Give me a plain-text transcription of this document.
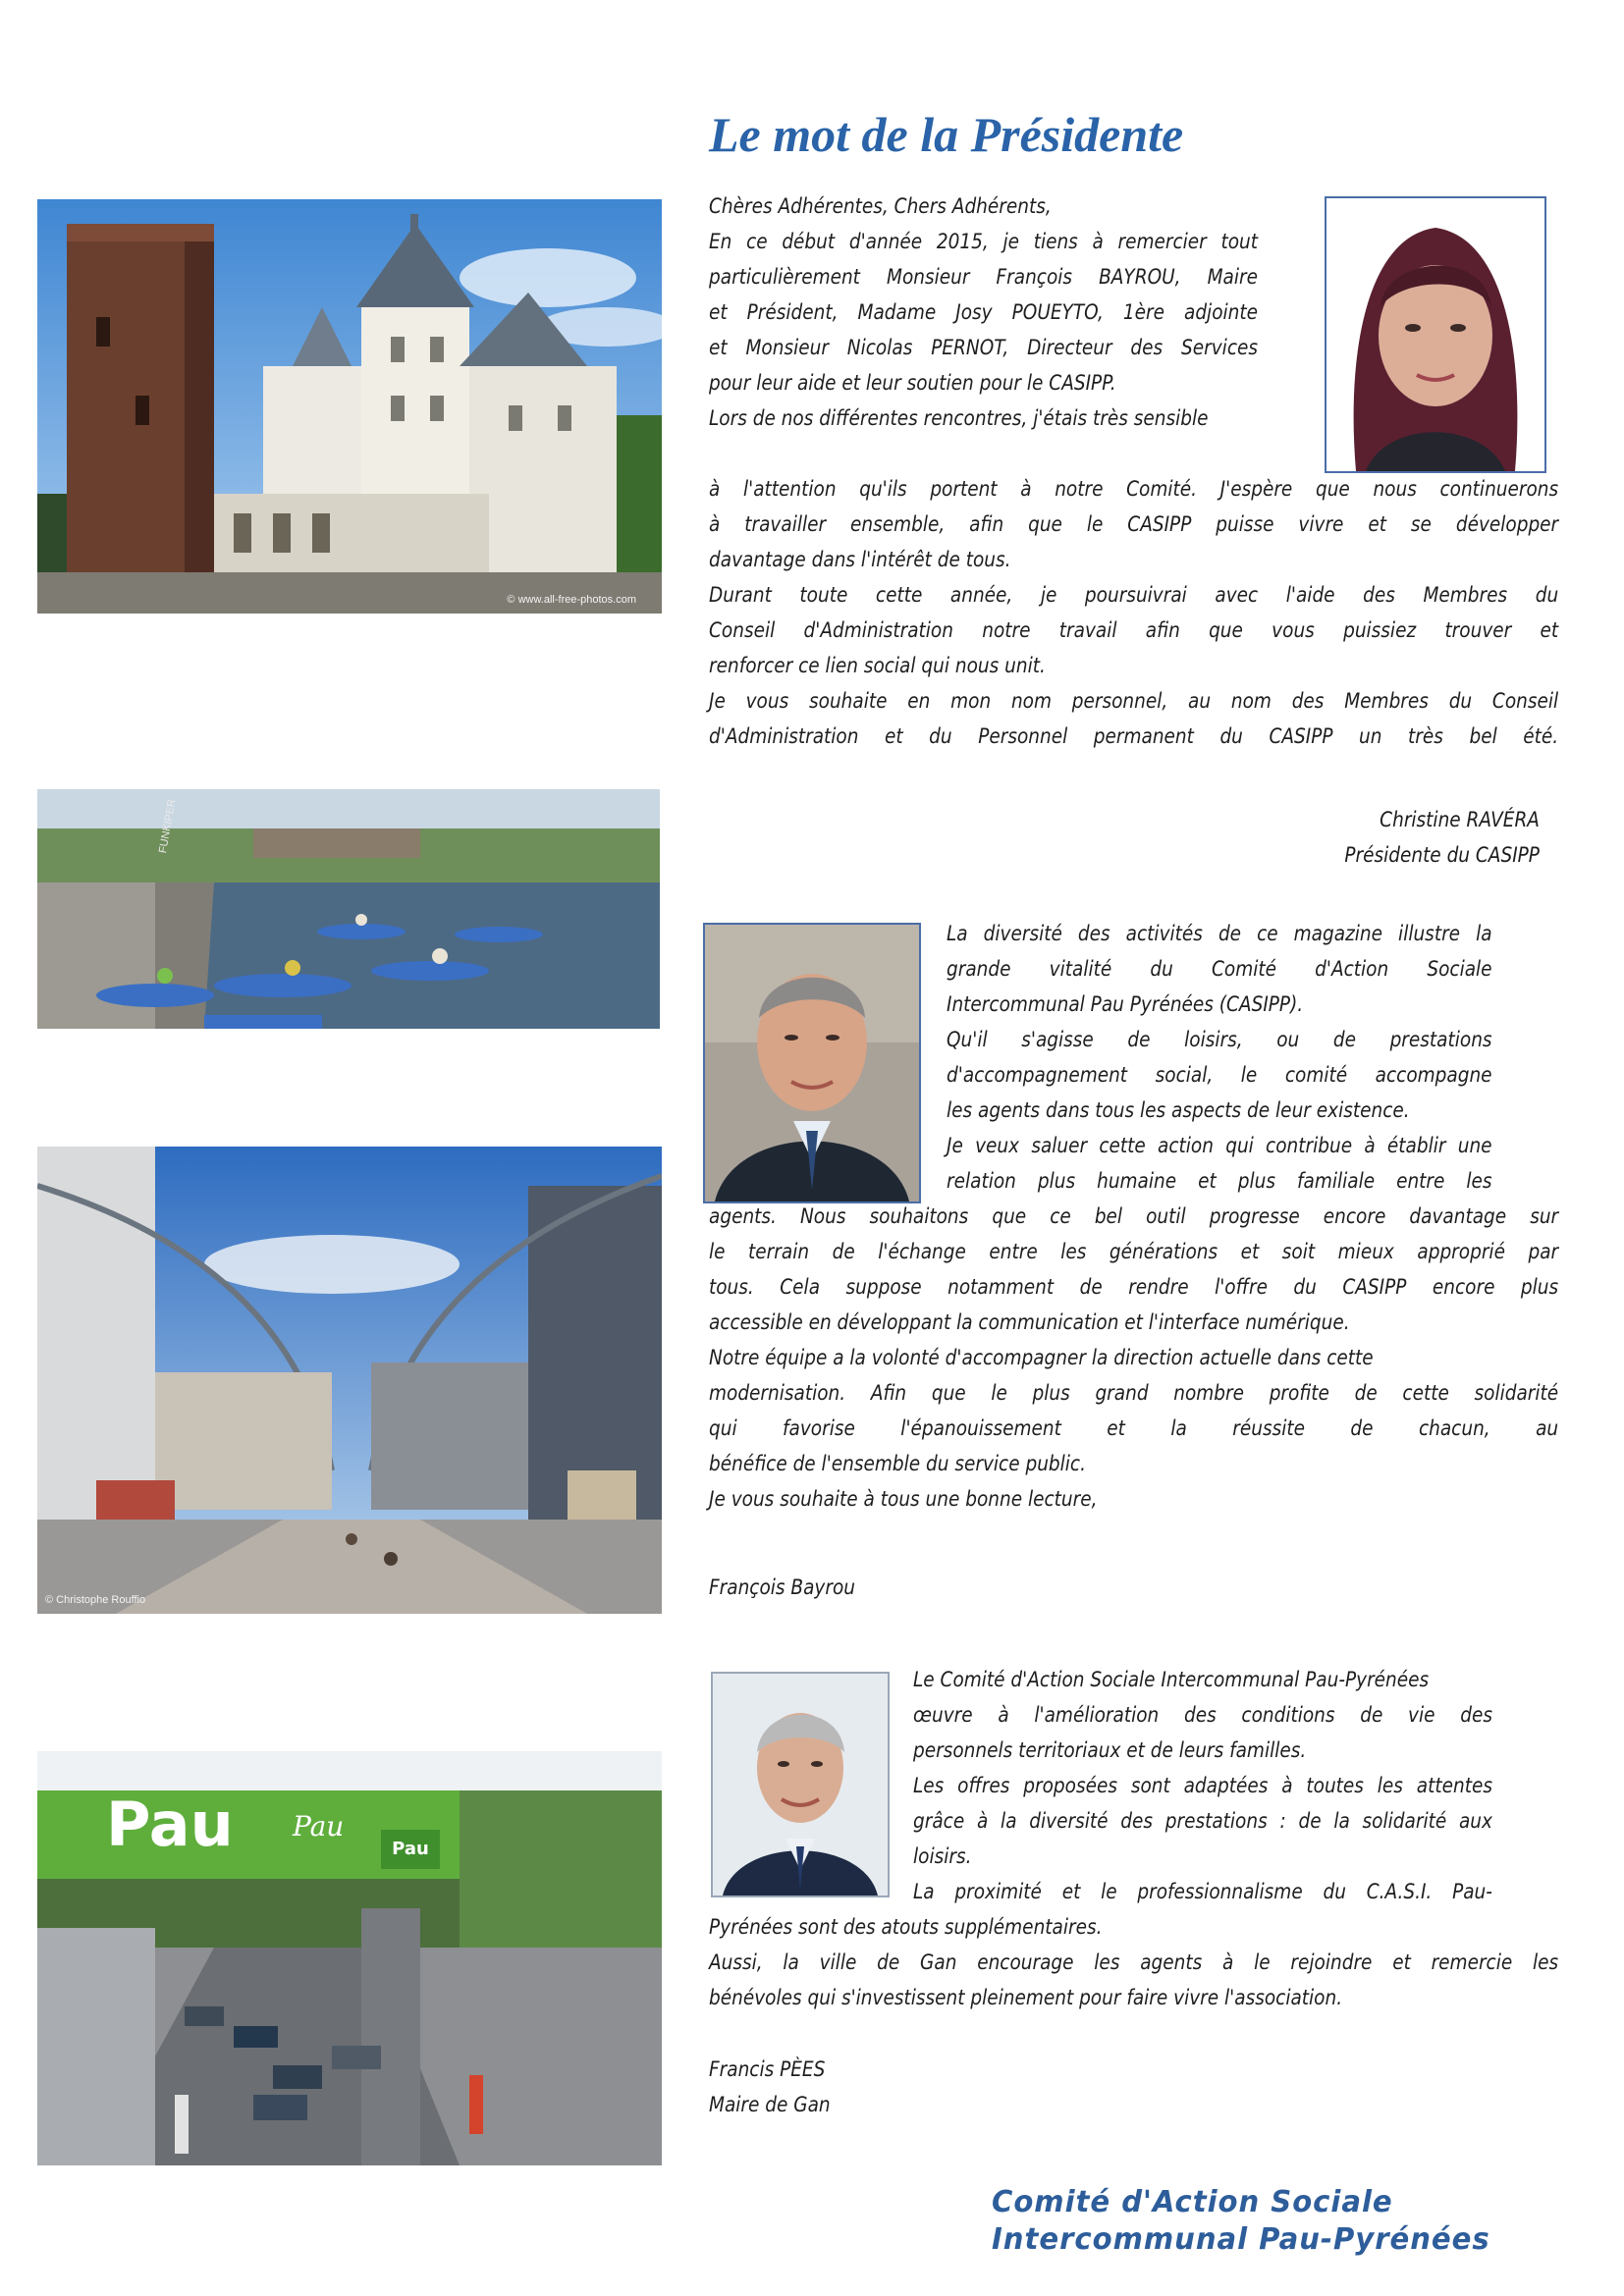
Le mot de la Présidente
© www.all-free-photos.com
FUNKIPER
© Christophe Rouffio
Pau Pau
Pau
Chères Adhérentes, Chers Adhérents,
En ce début d'année 2015, je tiens à remercier tout
particulièrement Monsieur François BAYROU, Maire
et Président, Madame Josy POUEYTO, 1ère adjointe
et Monsieur Nicolas PERNOT, Directeur des Services
pour leur aide et leur soutien pour le CASIPP.
Lors de nos différentes rencontres, j'étais très sensible
à l'attention qu'ils portent à notre Comité. J'espère que nous continuerons
à travailler ensemble, afin que le CASIPP puisse vivre et se développer
davantage dans l'intérêt de tous.
Durant toute cette année, je poursuivrai avec l'aide des Membres du
Conseil d'Administration notre travail afin que vous puissiez trouver et
renforcer ce lien social qui nous unit.
Je vous souhaite en mon nom personnel, au nom des Membres du Conseil
d'Administration et du Personnel permanent du CASIPP un très bel été.
Christine RAVÉRA
Présidente du CASIPP
La diversité des activités de ce magazine illustre la
grande vitalité du Comité d'Action Sociale
Intercommunal Pau Pyrénées (CASIPP).
Qu'il s'agisse de loisirs, ou de prestations
d'accompagnement social, le comité accompagne
les agents dans tous les aspects de leur existence.
Je veux saluer cette action qui contribue à établir une
relation plus humaine et plus familiale entre les
agents. Nous souhaitons que ce bel outil progresse encore davantage sur
le terrain de l'échange entre les générations et soit mieux approprié par
tous. Cela suppose notamment de rendre l'offre du CASIPP encore plus
accessible en développant la communication et l'interface numérique.
Notre équipe a la volonté d'accompagner la direction actuelle dans cette
modernisation. Afin que le plus grand nombre profite de cette solidarité
qui favorise l'épanouissement et la réussite de chacun, au
bénéfice de l'ensemble du service public.
Je vous souhaite à tous une bonne lecture,
François Bayrou
Le Comité d'Action Sociale Intercommunal Pau-Pyrénées
œuvre à l'amélioration des conditions de vie des
personnels territoriaux et de leurs familles.
Les offres proposées sont adaptées à toutes les attentes
grâce à la diversité des prestations : de la solidarité aux
loisirs.
La proximité et le professionnalisme du C.A.S.I. Pau-
Pyrénées sont des atouts supplémentaires.
Aussi, la ville de Gan encourage les agents à le rejoindre et remercie les
bénévoles qui s'investissent pleinement pour faire vivre l'association.
Francis PÈES
Maire de Gan
Comité d'Action Sociale
Intercommunal Pau-Pyrénées
